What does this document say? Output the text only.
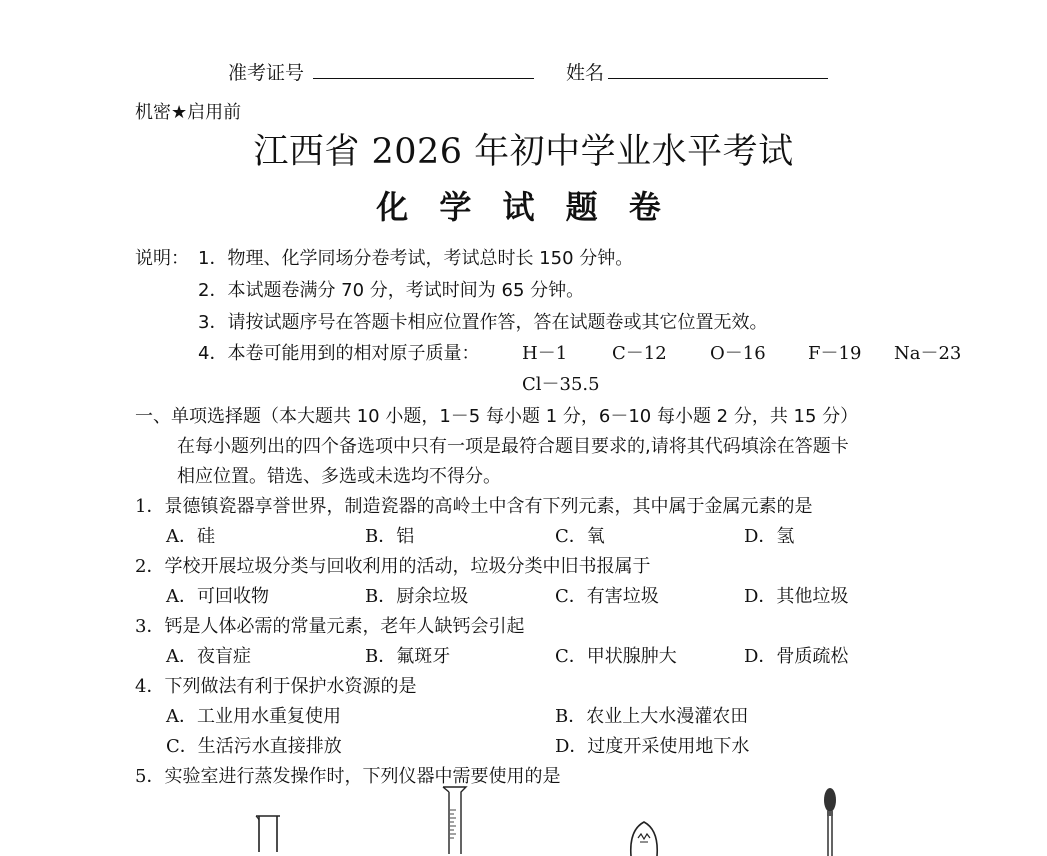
准考证号	姓名
机密★启用前
江西省 2026 年初中学业水平考试
化 学 试 题 卷
说明： 1．物理、化学同场分卷考试，考试总时长 150 分钟。
2．本试题卷满分 70 分，考试时间为 65 分钟。
3．请按试题序号在答题卡相应位置作答，答在试题卷或其它位置无效。
4．本卷可能用到的相对原子质量： H－1 C－12 O－16 F－19 Na－23
Cl－35.5
一、单项选择题（本大题共 10 小题，1－5 每小题 1 分，6－10 每小题 2 分，共 15 分）
在每小题列出的四个备选项中只有一项是最符合题目要求的,请将其代码填涂在答题卡
相应位置。错选、多选或未选均不得分。
1．景德镇瓷器享誉世界，制造瓷器的高岭土中含有下列元素，其中属于金属元素的是
A．硅	B．铝	C．氧	D．氢
2．学校开展垃圾分类与回收利用的活动，垃圾分类中旧书报属于
A．可回收物	B．厨余垃圾	C．有害垃圾	D．其他垃圾
3．钙是人体必需的常量元素，老年人缺钙会引起
A．夜盲症	B．氟斑牙	C．甲状腺肿大	D．骨质疏松
4．下列做法有利于保护水资源的是
A．工业用水重复使用	B．农业上大水漫灌农田
C．生活污水直接排放	D．过度开采使用地下水
5．实验室进行蒸发操作时，下列仪器中需要使用的是
